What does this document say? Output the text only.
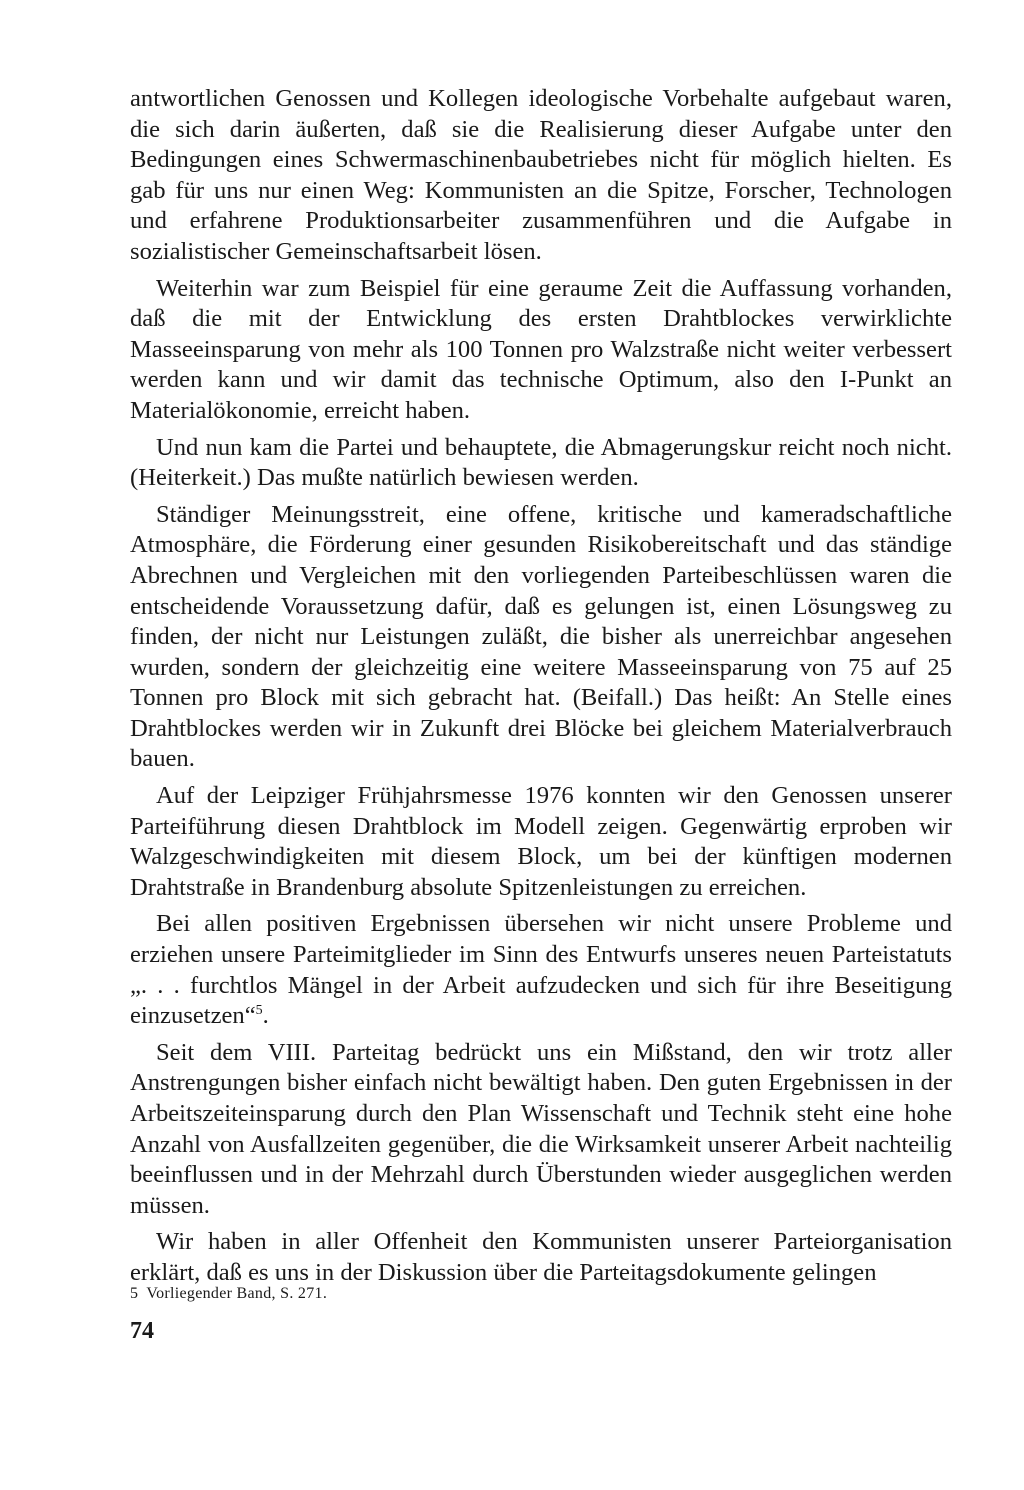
antwortlichen Genossen und Kollegen ideologische Vorbehalte aufgebaut waren, die sich darin äußerten, daß sie die Realisierung dieser Aufgabe unter den Bedingungen eines Schwermaschinenbaubetriebes nicht für möglich hielten. Es gab für uns nur einen Weg: Kommunisten an die Spitze, Forscher, Technologen und erfahrene Produktionsarbeiter zusammenführen und die Aufgabe in sozialistischer Gemeinschaftsarbeit lösen.

Weiterhin war zum Beispiel für eine geraume Zeit die Auffassung vorhanden, daß die mit der Entwicklung des ersten Drahtblockes verwirklichte Masseeinsparung von mehr als 100 Tonnen pro Walzstraße nicht weiter verbessert werden kann und wir damit das technische Optimum, also den I-Punkt an Materialökonomie, erreicht haben.

Und nun kam die Partei und behauptete, die Abmagerungskur reicht noch nicht. (Heiterkeit.) Das mußte natürlich bewiesen werden.

Ständiger Meinungsstreit, eine offene, kritische und kameradschaftliche Atmosphäre, die Förderung einer gesunden Risikobereitschaft und das ständige Abrechnen und Vergleichen mit den vorliegenden Parteibeschlüssen waren die entscheidende Voraussetzung dafür, daß es gelungen ist, einen Lösungsweg zu finden, der nicht nur Leistungen zuläßt, die bisher als unerreichbar angesehen wurden, sondern der gleichzeitig eine weitere Masseeinsparung von 75 auf 25 Tonnen pro Block mit sich gebracht hat. (Beifall.) Das heißt: An Stelle eines Drahtblockes werden wir in Zukunft drei Blöcke bei gleichem Materialverbrauch bauen.

Auf der Leipziger Frühjahrsmesse 1976 konnten wir den Genossen unserer Parteiführung diesen Drahtblock im Modell zeigen. Gegenwärtig erproben wir Walzgeschwindigkeiten mit diesem Block, um bei der künftigen modernen Drahtstraße in Brandenburg absolute Spitzenleistungen zu erreichen.

Bei allen positiven Ergebnissen übersehen wir nicht unsere Probleme und erziehen unsere Parteimitglieder im Sinn des Entwurfs unseres neuen Parteistatuts „. . . furchtlos Mängel in der Arbeit aufzudecken und sich für ihre Beseitigung einzusetzen“$^5$.

Seit dem VIII. Parteitag bedrückt uns ein Mißstand, den wir trotz aller Anstrengungen bisher einfach nicht bewältigt haben. Den guten Ergebnissen in der Arbeitszeiteinsparung durch den Plan Wissenschaft und Technik steht eine hohe Anzahl von Ausfallzeiten gegenüber, die die Wirksamkeit unserer Arbeit nachteilig beeinflussen und in der Mehrzahl durch Überstunden wieder ausgeglichen werden müssen.

Wir haben in aller Offenheit den Kommunisten unserer Parteiorganisation erklärt, daß es uns in der Diskussion über die Parteitagsdokumente gelingen

5 Vorliegender Band, S. 271.
74
